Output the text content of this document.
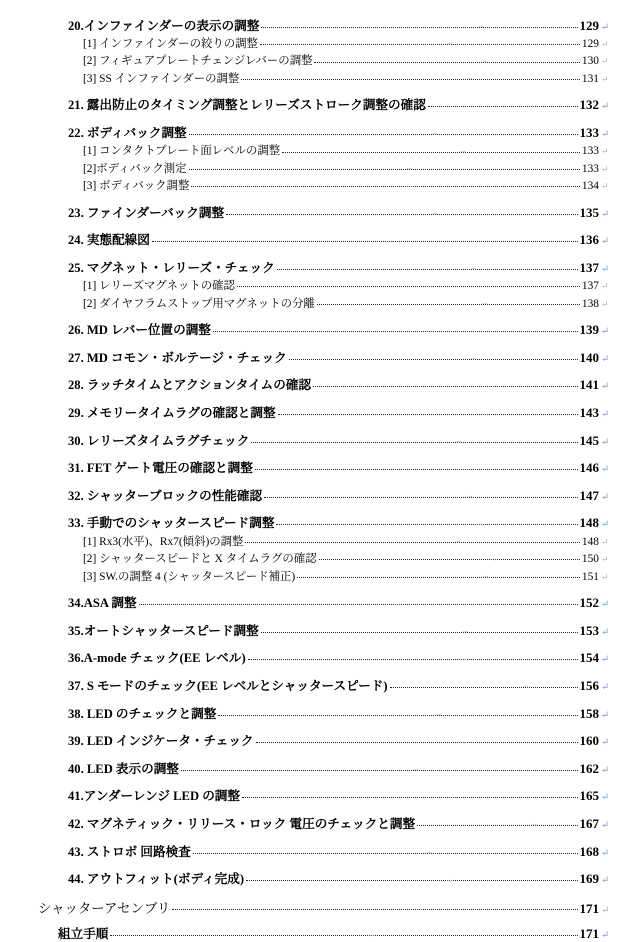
20.インファインダーの表示の調整	→	129 ↵
[1] インファインダーの絞りの調整	→	129 ↵
[2] フィギュアプレートチェンジレバーの調整	→	130 ↵
[3] SS インファインダーの調整	→	131 ↵
21. 露出防止のタイミング調整とレリーズストローク調整の確認	→	132 ↵
22. ボディバック調整	→	133 ↵
[1] コンタクトプレート面レベルの調整	→	133 ↵
[2]ボディバック測定	→	133 ↵
[3] ボディバック調整	→	134 ↵
23. ファインダーバック調整	→	135 ↵
24. 実態配線図	→	136 ↵
25. マグネット・レリーズ・チェック	→	137 ↵
[1] レリーズマグネットの確認	→	137 ↵
[2] ダイヤフラムストップ用マグネットの分離	→	138 ↵
26. MD レバー位置の調整	→	139 ↵
27. MD コモン・ボルテージ・チェック	→	140 ↵
28. ラッチタイムとアクションタイムの確認	→	141 ↵
29. メモリータイムラグの確認と調整	→	143 ↵
30. レリーズタイムラグチェック	→	145 ↵
31. FET ゲート電圧の確認と調整	→	146 ↵
32. シャッターブロックの性能確認	→	147 ↵
33. 手動でのシャッタースピード調整	→	148 ↵
[1] Rx3(水平)、Rx7(傾斜)の調整	→	148 ↵
[2] シャッタースピードと X タイムラグの確認	→	150 ↵
[3] SW.の調整 4 (シャッタースピード補正)	→	151 ↵
34.ASA 調整	→	152 ↵
35.オートシャッタースピード調整	→	153 ↵
36.A-mode チェック(EE レベル)	→	154 ↵
37. S モードのチェック(EE レベルとシャッタースピード)	→	156 ↵
38. LED のチェックと調整	→	158 ↵
39. LED インジケータ・チェック	→	160 ↵
40. LED 表示の調整	→	162 ↵
41.アンダーレンジ LED の調整	→	165 ↵
42. マグネティック・リリース・ロック 電圧のチェックと調整	→	167 ↵
43. ストロボ 回路検査	→	168 ↵
44. アウトフィット(ボディ完成)	→	169 ↵
シャッターアセンブリ	→	171 ↵
組立手順	→	171 ↵
